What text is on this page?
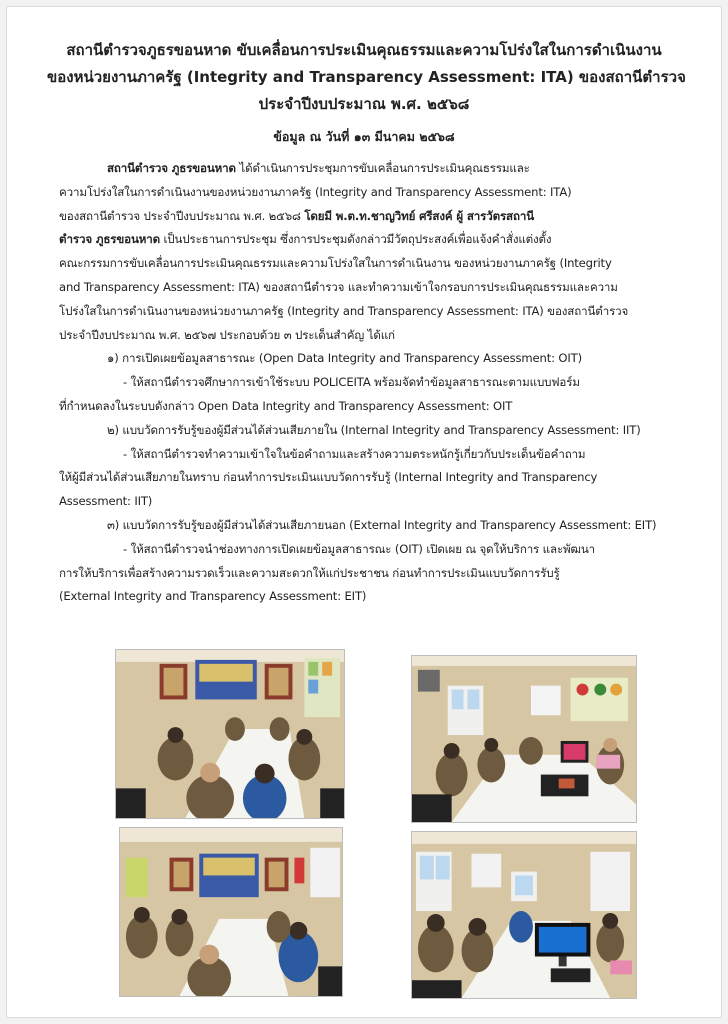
สถานีตำรวจภูธรขอนหาด ขับเคลื่อนการประเมินคุณธรรมและความโปร่งใสในการดำเนินงาน
ของหน่วยงานภาครัฐ (Integrity and Transparency Assessment: ITA) ของสถานีตำรวจ
ประจำปีงบประมาณ พ.ศ. ๒๕๖๘
ข้อมูล ณ วันที่ ๑๓ มีนาคม ๒๕๖๘
สถานีตำรวจ ภูธรขอนหาด ได้ดำเนินการประชุมการขับเคลื่อนการประเมินคุณธรรมและ
ความโปร่งใสในการดำเนินงานของหน่วยงานภาครัฐ (Integrity and Transparency Assessment: ITA)
ของสถานีตำรวจ ประจำปีงบประมาณ พ.ศ. ๒๕๖๘ โดยมี พ.ต.ท.ชาญวิทย์ ศรีสงค์ ผู้ สารวัตรสถานี
ตำรวจ ภูธรขอนหาด เป็นประธานการประชุม ซึ่งการประชุมดังกล่าวมีวัตถุประสงค์เพื่อแจ้งคำสั่งแต่งตั้ง
คณะกรรมการขับเคลื่อนการประเมินคุณธรรมและความโปร่งใสในการดำเนินงาน ของหน่วยงานภาครัฐ (Integrity
and Transparency Assessment: ITA) ของสถานีตำรวจ และทำความเข้าใจกรอบการประเมินคุณธรรมและความ
โปร่งใสในการดำเนินงานของหน่วยงานภาครัฐ (Integrity and Transparency Assessment: ITA) ของสถานีตำรวจ
ประจำปีงบประมาณ พ.ศ. ๒๕๖๗ ประกอบด้วย ๓ ประเด็นสำคัญ ได้แก่
๑) การเปิดเผยข้อมูลสาธารณะ (Open Data Integrity and Transparency Assessment: OIT)
- ให้สถานีตำรวจศึกษาการเข้าใช้ระบบ POLICEITA พร้อมจัดทำข้อมูลสาธารณะตามแบบฟอร์ม
ที่กำหนดลงในระบบดังกล่าว Open Data Integrity and Transparency Assessment: OIT
๒) แบบวัดการรับรู้ของผู้มีส่วนได้ส่วนเสียภายใน (Internal Integrity and Transparency Assessment: IIT)
- ให้สถานีตำรวจทำความเข้าใจในข้อคำถามและสร้างความตระหนักรู้เกี่ยวกับประเด็นข้อคำถาม
ให้ผู้มีส่วนได้ส่วนเสียภายในทราบ ก่อนทำการประเมินแบบวัดการรับรู้ (Internal Integrity and Transparency
Assessment: IIT)
๓) แบบวัดการรับรู้ของผู้มีส่วนได้ส่วนเสียภายนอก (External Integrity and Transparency Assessment: EIT)
- ให้สถานีตำรวจนำช่องทางการเปิดเผยข้อมูลสาธารณะ (OIT) เปิดเผย ณ จุดให้บริการ และพัฒนา
การให้บริการเพื่อสร้างความรวดเร็วและความสะดวกให้แก่ประชาชน ก่อนทำการประเมินแบบวัดการรับรู้
(External Integrity and Transparency Assessment: EIT)
